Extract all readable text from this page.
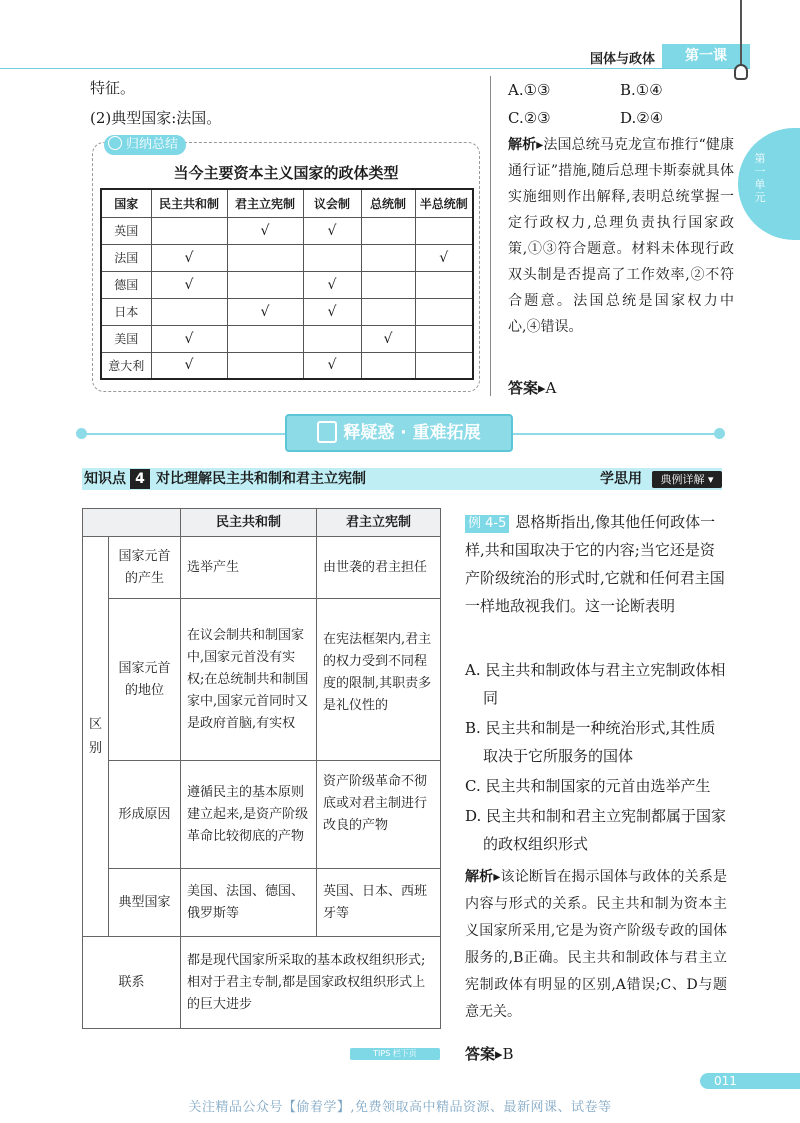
国体与政体	第一课
第一单元
特征。
(2)典型国家:法国。
归纳总结
当今主要资本主义国家的政体类型
国家	民主共和制	君主立宪制	议会制	总统制	半总统制
英国		√	√		
法国	√				√
德国	√		√		
日本		√	√		
美国	√			√	
意大利	√		√		
A.①③	B.①④
C.②③	D.②④
解析▸法国总统马克龙宣布推行“健康通行证”措施,随后总理卡斯泰就具体实施细则作出解释,表明总统掌握一定行政权力,总理负责执行国家政策,①③符合题意。材料未体现行政双头制是否提高了工作效率,②不符合题意。法国总统是国家权力中心,④错误。
答案▸A
释疑惑 · 重难拓展
知识点 4 对比理解民主共和制和君主立宪制	学思用	典例详解 ▾
		民主共和制	君主立宪制
区别	国家元首的产生	选举产生	由世袭的君主担任
	国家元首的地位	在议会制共和制国家中,国家元首没有实权;在总统制共和制国家中,国家元首同时又是政府首脑,有实权	在宪法框架内,君主的权力受到不同程度的限制,其职责多是礼仪性的
	形成原因	遵循民主的基本原则建立起来,是资产阶级革命比较彻底的产物	资产阶级革命不彻底或对君主制进行改良的产物
	典型国家	美国、法国、德国、俄罗斯等	英国、日本、西班牙等
联系		都是现代国家所采取的基本政权组织形式;相对于君主专制,都是国家政权组织形式上的巨大进步	
例 4-5 恩格斯指出,像其他任何政体一样,共和国取决于它的内容;当它还是资产阶级统治的形式时,它就和任何君主国一样地敌视我们。这一论断表明
A. 民主共和制政体与君主立宪制政体相同
B. 民主共和制是一种统治形式,其性质取决于它所服务的国体
C. 民主共和制国家的元首由选举产生
D. 民主共和制和君主立宪制都属于国家的政权组织形式
解析▸该论断旨在揭示国体与政体的关系是内容与形式的关系。民主共和制为资本主义国家所采用,它是为资产阶级专政的国体服务的,B正确。民主共和制政体与君主立宪制政体有明显的区别,A错误;C、D与题意无关。
答案▸B
TIPS 栏下页
011
关注精品公众号【偷着学】,免费领取高中精品资源、最新网课、试卷等
